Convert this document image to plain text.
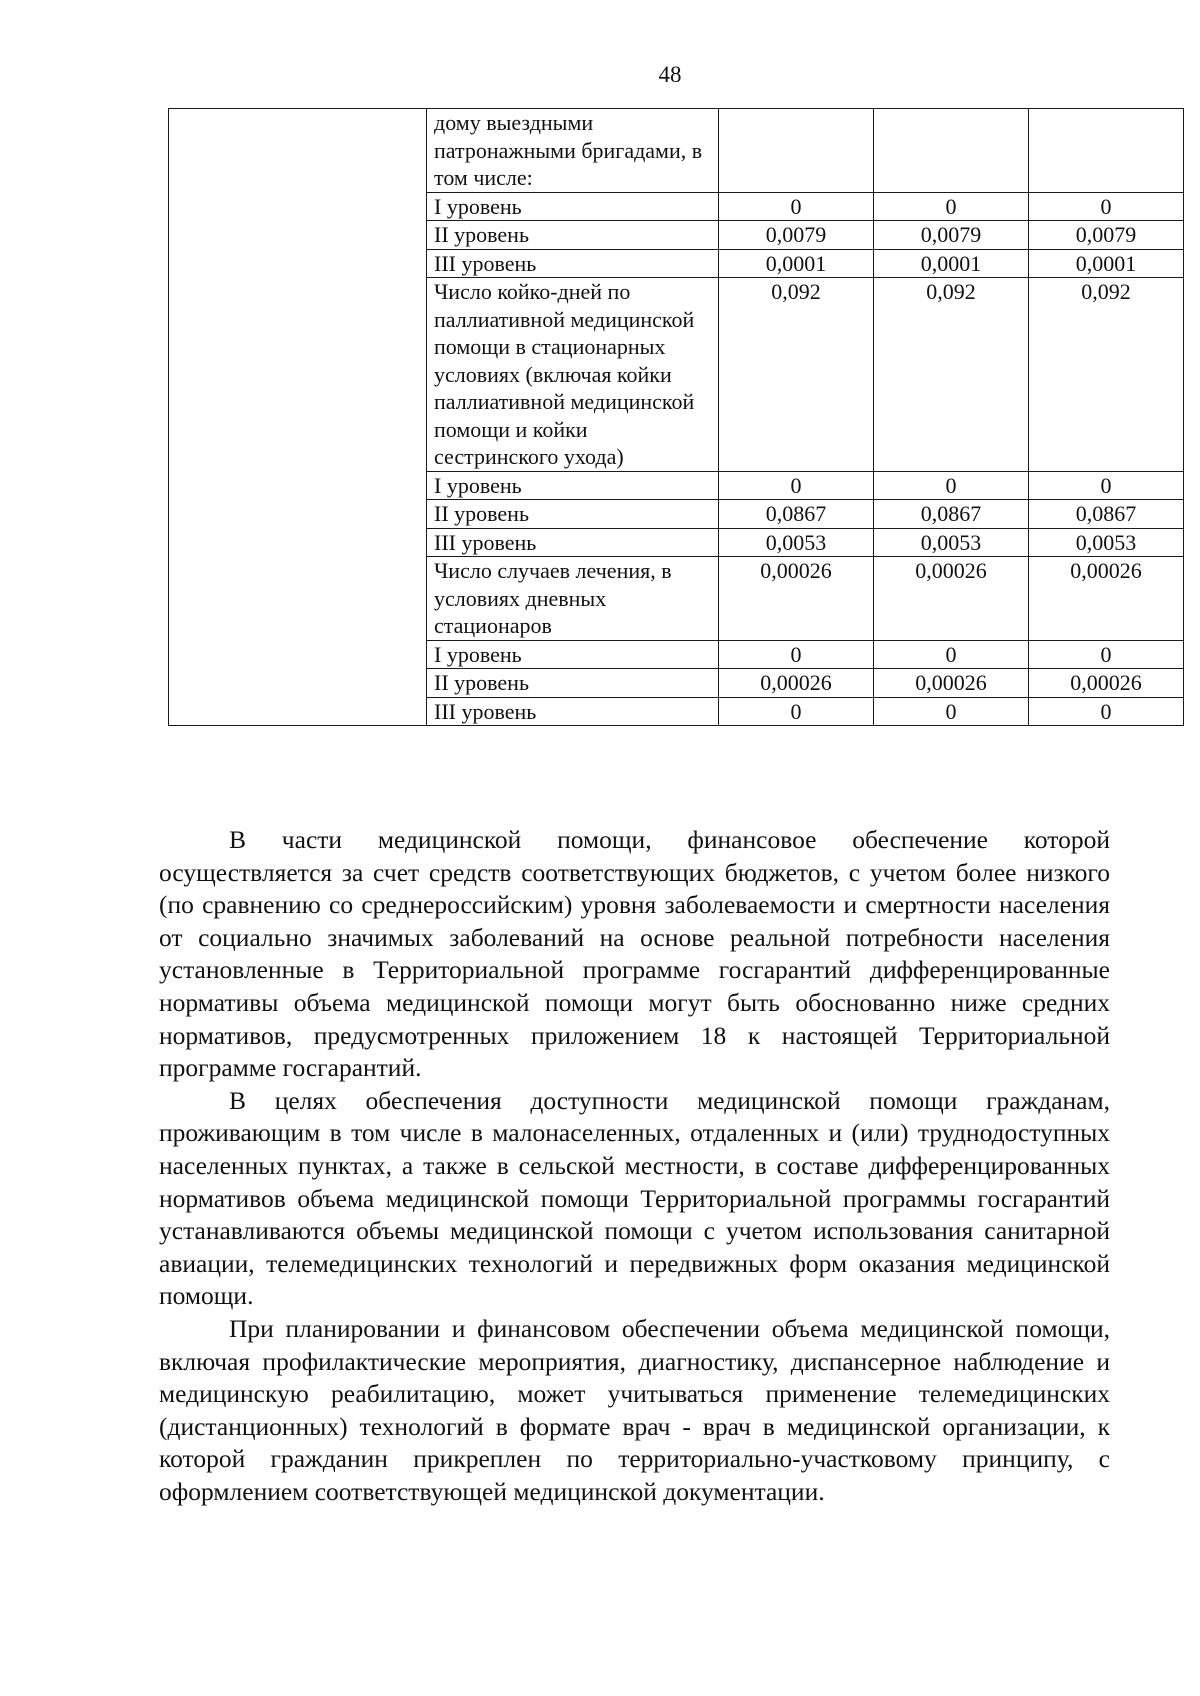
48
	дому выездными патронажными бригадами, в том числе:			
	I уровень	0	0	0
	II уровень	0,0079	0,0079	0,0079
	III уровень	0,0001	0,0001	0,0001
	Число койко-дней по паллиативной медицинской помощи в стационарных условиях (включая койки паллиативной медицинской помощи и койки сестринского ухода)	0,092	0,092	0,092
	I уровень	0	0	0
	II уровень	0,0867	0,0867	0,0867
	III уровень	0,0053	0,0053	0,0053
	Число случаев лечения, в условиях дневных стационаров	0,00026	0,00026	0,00026
	I уровень	0	0	0
	II уровень	0,00026	0,00026	0,00026
	III уровень	0	0	0

В части медицинской помощи, финансовое обеспечение которой осуществляется за счет средств соответствующих бюджетов, с учетом более низкого (по сравнению со среднероссийским) уровня заболеваемости и смертности населения от социально значимых заболеваний на основе реальной потребности населения установленные в Территориальной программе госгарантий дифференцированные нормативы объема медицинской помощи могут быть обоснованно ниже средних нормативов, предусмотренных приложением 18 к настоящей Территориальной программе госгарантий.

В целях обеспечения доступности медицинской помощи гражданам, проживающим в том числе в малонаселенных, отдаленных и (или) труднодоступных населенных пунктах, а также в сельской местности, в составе дифференцированных нормативов объема медицинской помощи Территориальной программы госгарантий устанавливаются объемы медицинской помощи с учетом использования санитарной авиации, телемедицинских технологий и передвижных форм оказания медицинской помощи.

При планировании и финансовом обеспечении объема медицинской помощи, включая профилактические мероприятия, диагностику, диспансерное наблюдение и медицинскую реабилитацию, может учитываться применение телемедицинских (дистанционных) технологий в формате врач - врач в медицинской организации, к которой гражданин прикреплен по территориально-участковому принципу, с оформлением соответствующей медицинской документации.
